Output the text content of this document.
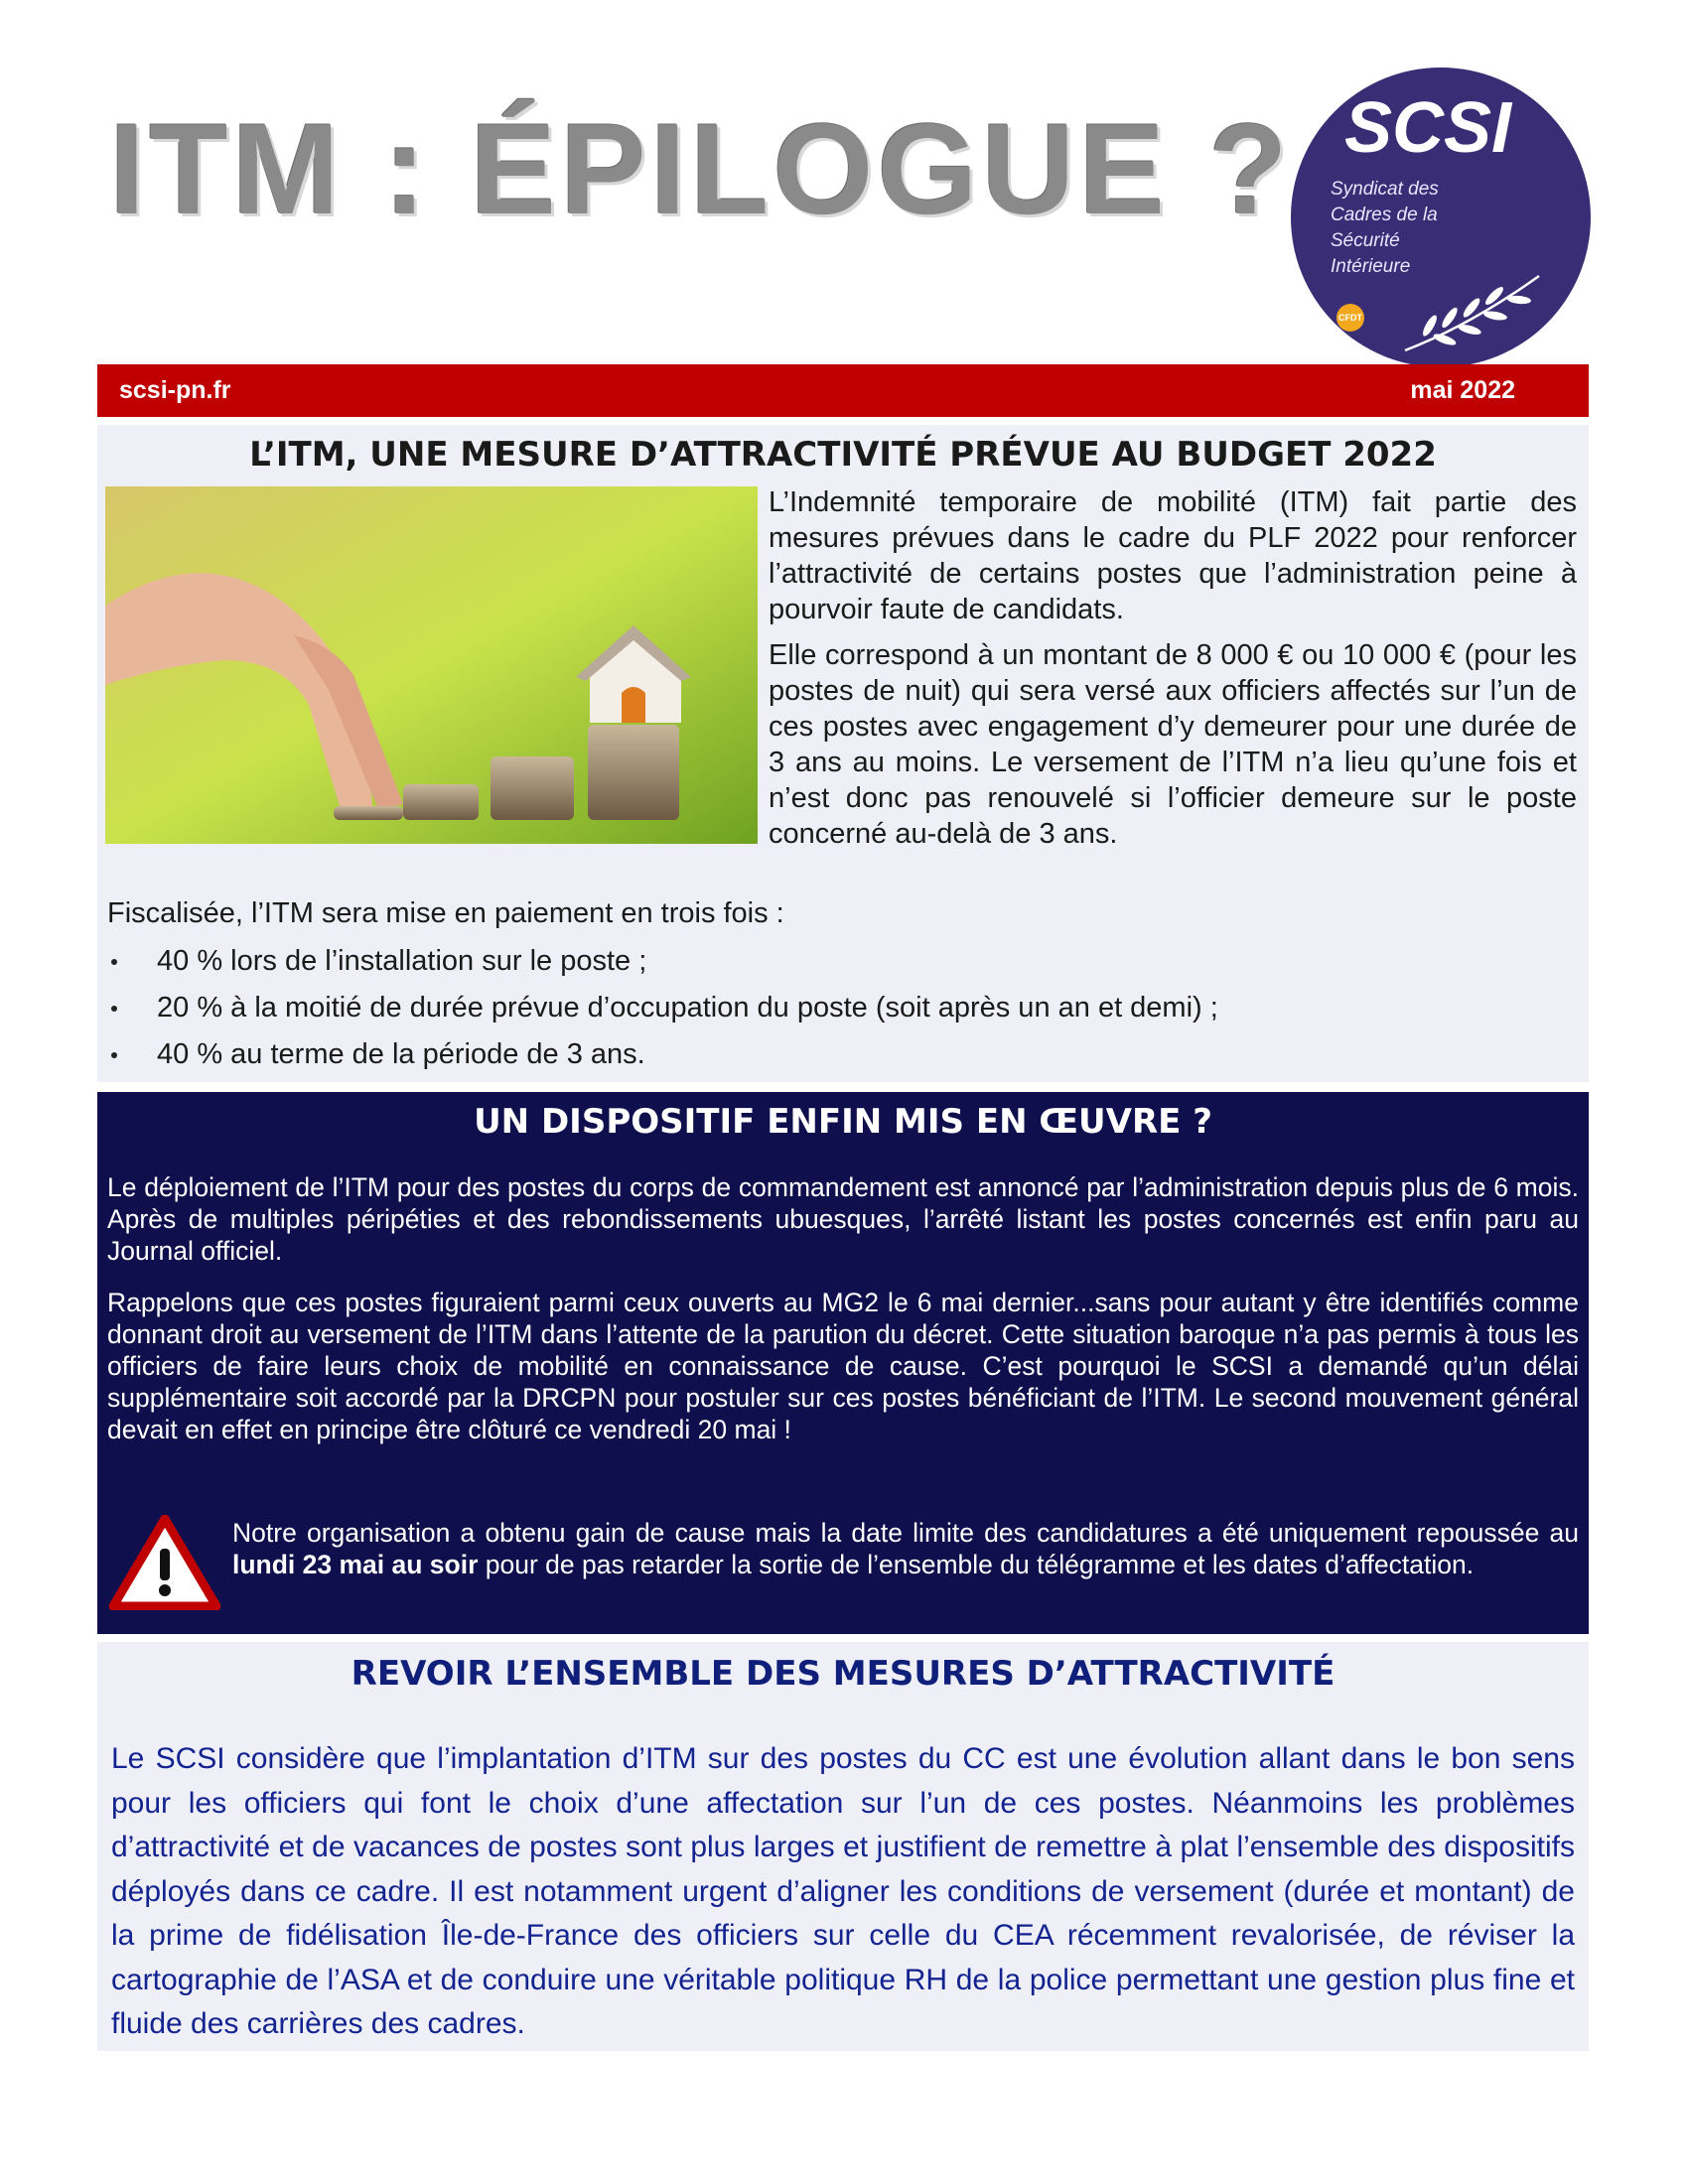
ITM : ÉPILOGUE ? SCSI
Syndicat des
Cadres de la
Sécurité
Intérieure
CFDT
scsi-pn.fr	mai 2022
L’ITM, UNE MESURE D’ATTRACTIVITÉ PRÉVUE AU BUDGET 2022

L’Indemnité temporaire de mobilité (ITM) fait partie des mesures prévues dans le cadre du PLF 2022 pour renforcer l’attractivité de certains postes que l’administration peine à pourvoir faute de candidats.

Elle correspond à un montant de 8 000 € ou 10 000 € (pour les postes de nuit) qui sera versé aux officiers affectés sur l’un de ces postes avec engagement d’y demeurer pour une durée de 3 ans au moins. Le versement de l’ITM n’a lieu qu’une fois et n’est donc pas renouvelé si l’officier demeure sur le poste concerné au-delà de 3 ans.

Fiscalisée, l’ITM sera mise en paiement en trois fois :
40 % lors de l’installation sur le poste ;
20 % à la moitié de durée prévue d’occupation du poste (soit après un an et demi) ;
40 % au terme de la période de 3 ans.
UN DISPOSITIF ENFIN MIS EN ŒUVRE ?
Le déploiement de l’ITM pour des postes du corps de commandement est annoncé par l’administration depuis plus de 6 mois. Après de multiples péripéties et des rebondissements ubuesques, l’arrêté listant les postes concernés est enfin paru au Journal officiel.
Rappelons que ces postes figuraient parmi ceux ouverts au MG2 le 6 mai dernier...sans pour autant y être identifiés comme donnant droit au versement de l’ITM dans l’attente de la parution du décret. Cette situation baroque n’a pas permis à tous les officiers de faire leurs choix de mobilité en connaissance de cause. C’est pourquoi le SCSI a demandé qu’un délai supplémentaire soit accordé par la DRCPN pour postuler sur ces postes bénéficiant de l’ITM. Le second mouvement général devait en effet en principe être clôturé ce vendredi 20 mai !
Notre organisation a obtenu gain de cause mais la date limite des candidatures a été uniquement repoussée au lundi 23 mai au soir pour de pas retarder la sortie de l’ensemble du télégramme et les dates d’affectation.
REVOIR L’ENSEMBLE DES MESURES D’ATTRACTIVITÉ
Le SCSI considère que l’implantation d’ITM sur des postes du CC est une évolution allant dans le bon sens pour les officiers qui font le choix d’une affectation sur l’un de ces postes. Néanmoins les problèmes d’attractivité et de vacances de postes sont plus larges et justifient de remettre à plat l’ensemble des dispositifs déployés dans ce cadre. Il est notamment urgent d’aligner les conditions de versement (durée et montant) de la prime de fidélisation Île-de-France des officiers sur celle du CEA récemment revalorisée, de réviser la cartographie de l’ASA et de conduire une véritable politique RH de la police permettant une gestion plus fine et fluide des carrières des cadres.
